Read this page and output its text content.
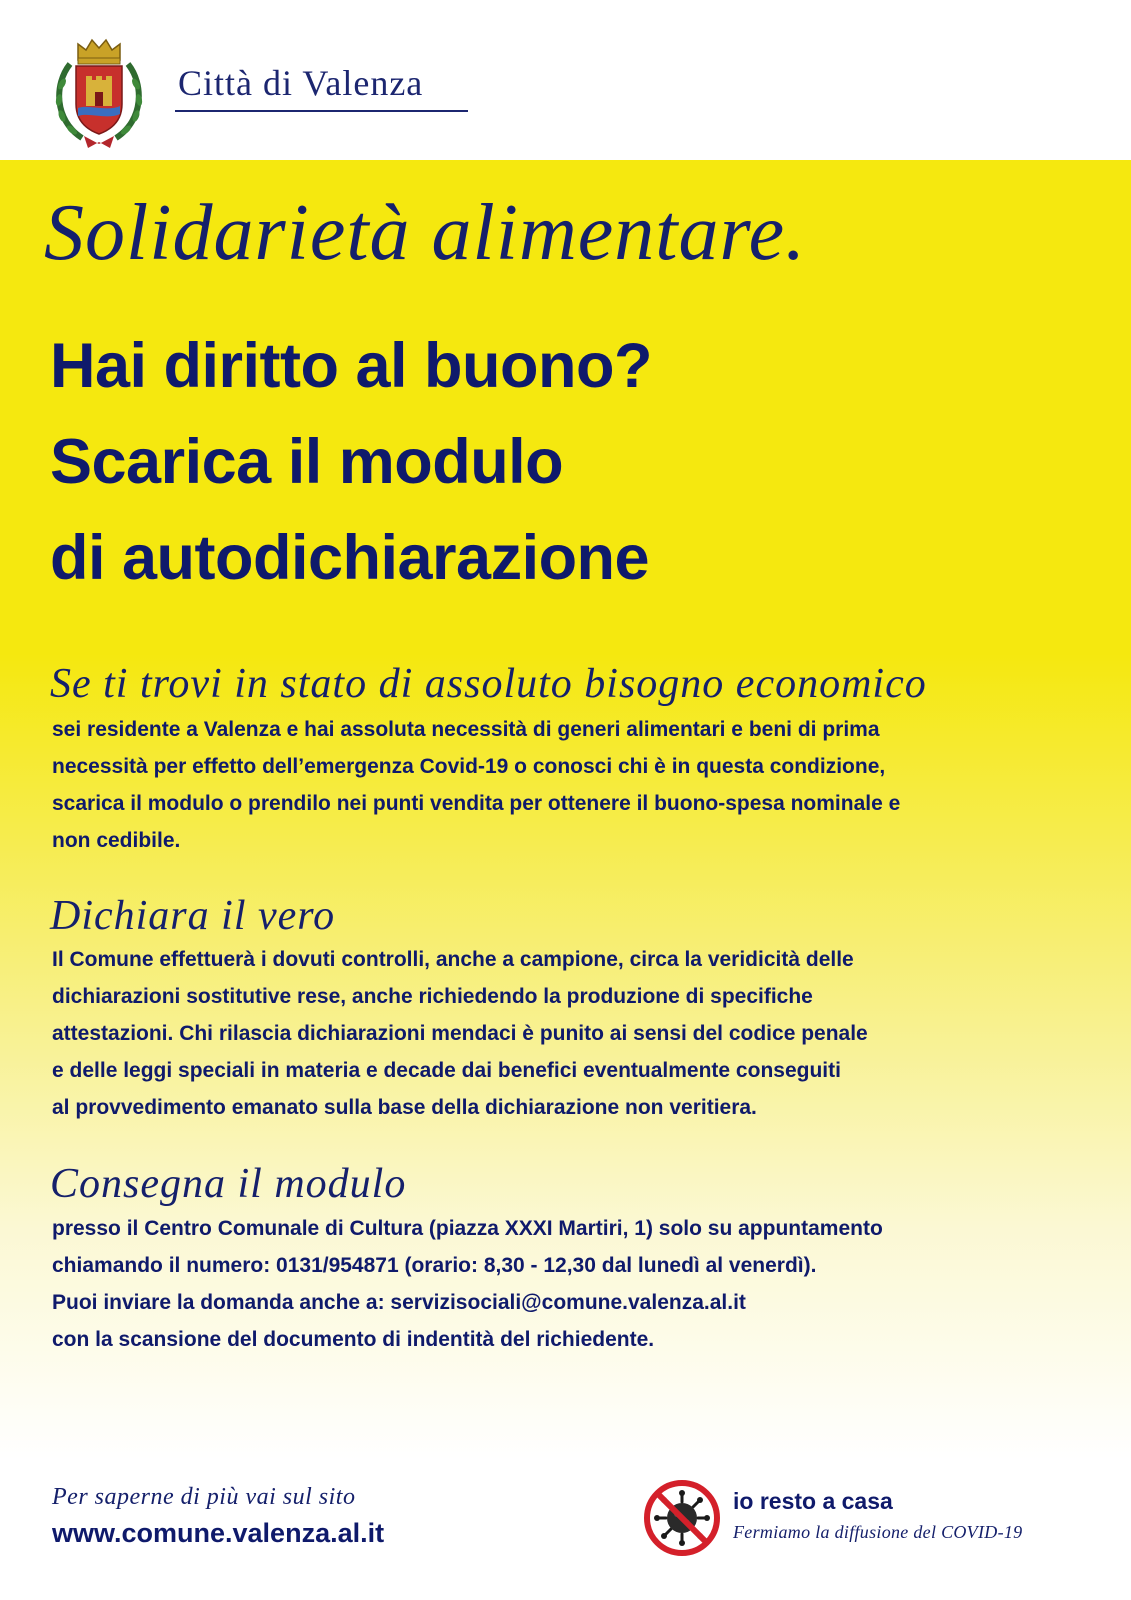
Città di Valenza
Solidarietà alimentare.
Hai diritto al buono?
Scarica il modulo
di autodichiarazione
Se ti trovi in stato di assoluto bisogno economico
sei residente a Valenza e hai assoluta necessità di generi alimentari e beni di prima
necessità per effetto dell’emergenza Covid-19 o conosci chi è in questa condizione,
scarica il modulo o prendilo nei punti vendita per ottenere il buono-spesa nominale e
non cedibile.
Dichiara il vero
Il Comune effettuerà i dovuti controlli, anche a campione, circa la veridicità delle
dichiarazioni sostitutive rese, anche richiedendo la produzione di specifiche
attestazioni. Chi rilascia dichiarazioni mendaci è punito ai sensi del codice penale
e delle leggi speciali in materia e decade dai benefici eventualmente conseguiti
al provvedimento emanato sulla base della dichiarazione non veritiera.
Consegna il modulo
presso il Centro Comunale di Cultura (piazza XXXI Martiri, 1) solo su appuntamento
chiamando il numero: 0131/954871 (orario: 8,30 - 12,30 dal lunedì al venerdì).
Puoi inviare la domanda anche a: servizisociali@comune.valenza.al.it
con la scansione del documento di indentità del richiedente.
Per saperne di più vai sul sito
www.comune.valenza.al.it
io resto a casa
Fermiamo la diffusione del COVID-19
